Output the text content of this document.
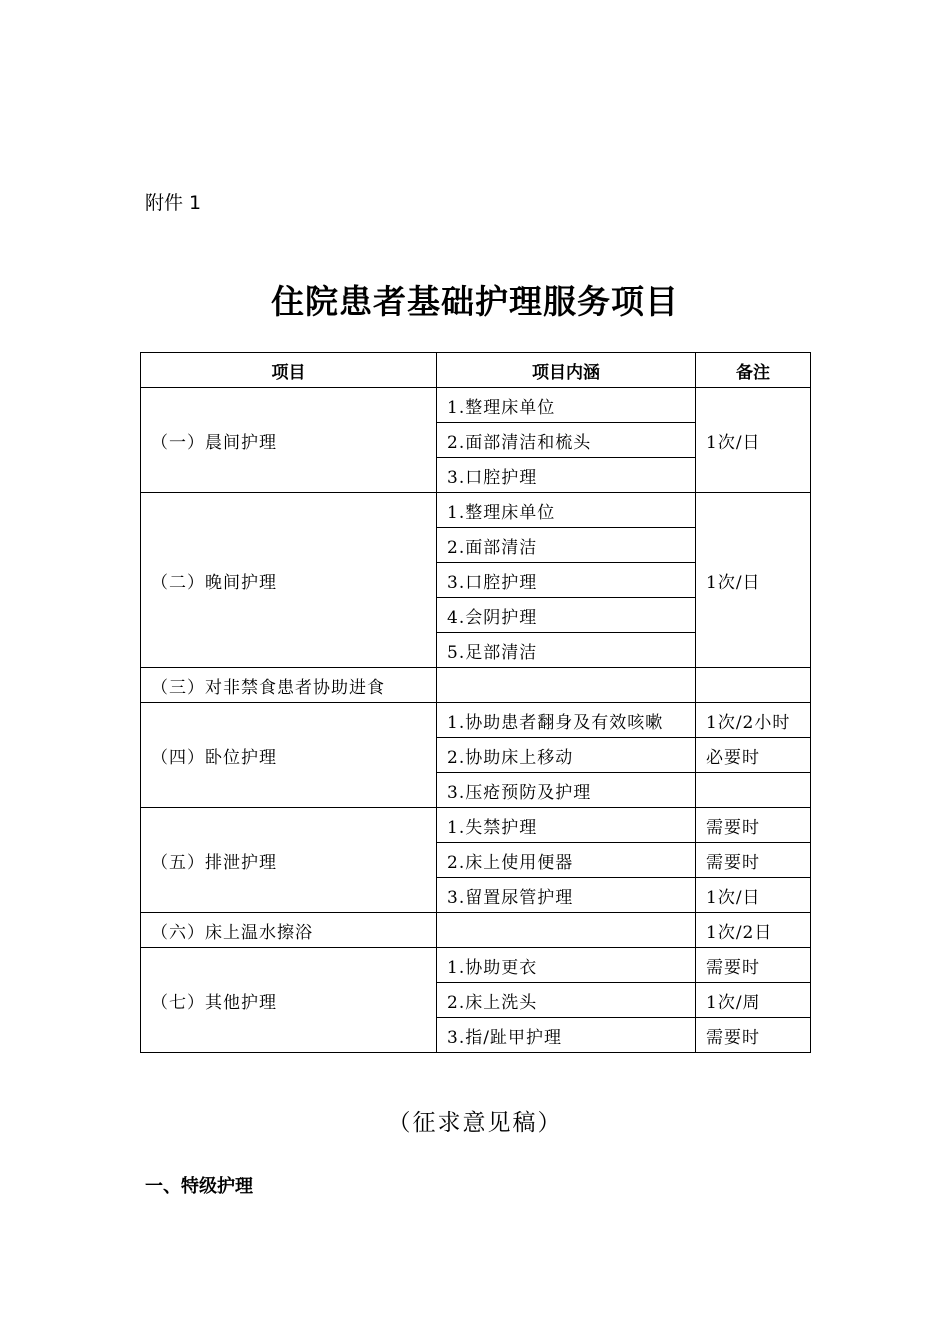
附件 1
住院患者基础护理服务项目
项目	项目内涵	备注
（一）晨间护理	1.整理床单位	1次/日
	2.面部清洁和梳头	
	3.口腔护理	
（二）晚间护理	1.整理床单位	1次/日
	2.面部清洁	
	3.口腔护理	
	4.会阴护理	
	5.足部清洁	
（三）对非禁食患者协助进食		
（四）卧位护理	1.协助患者翻身及有效咳嗽	1次/2小时
	2.协助床上移动	必要时
	3.压疮预防及护理	
（五）排泄护理	1.失禁护理	需要时
	2.床上使用便器	需要时
	3.留置尿管护理	1次/日
（六）床上温水擦浴		1次/2日
（七）其他护理	1.协助更衣	需要时
	2.床上洗头	1次/周
	3.指/趾甲护理	需要时
（征求意见稿）
一、特级护理
